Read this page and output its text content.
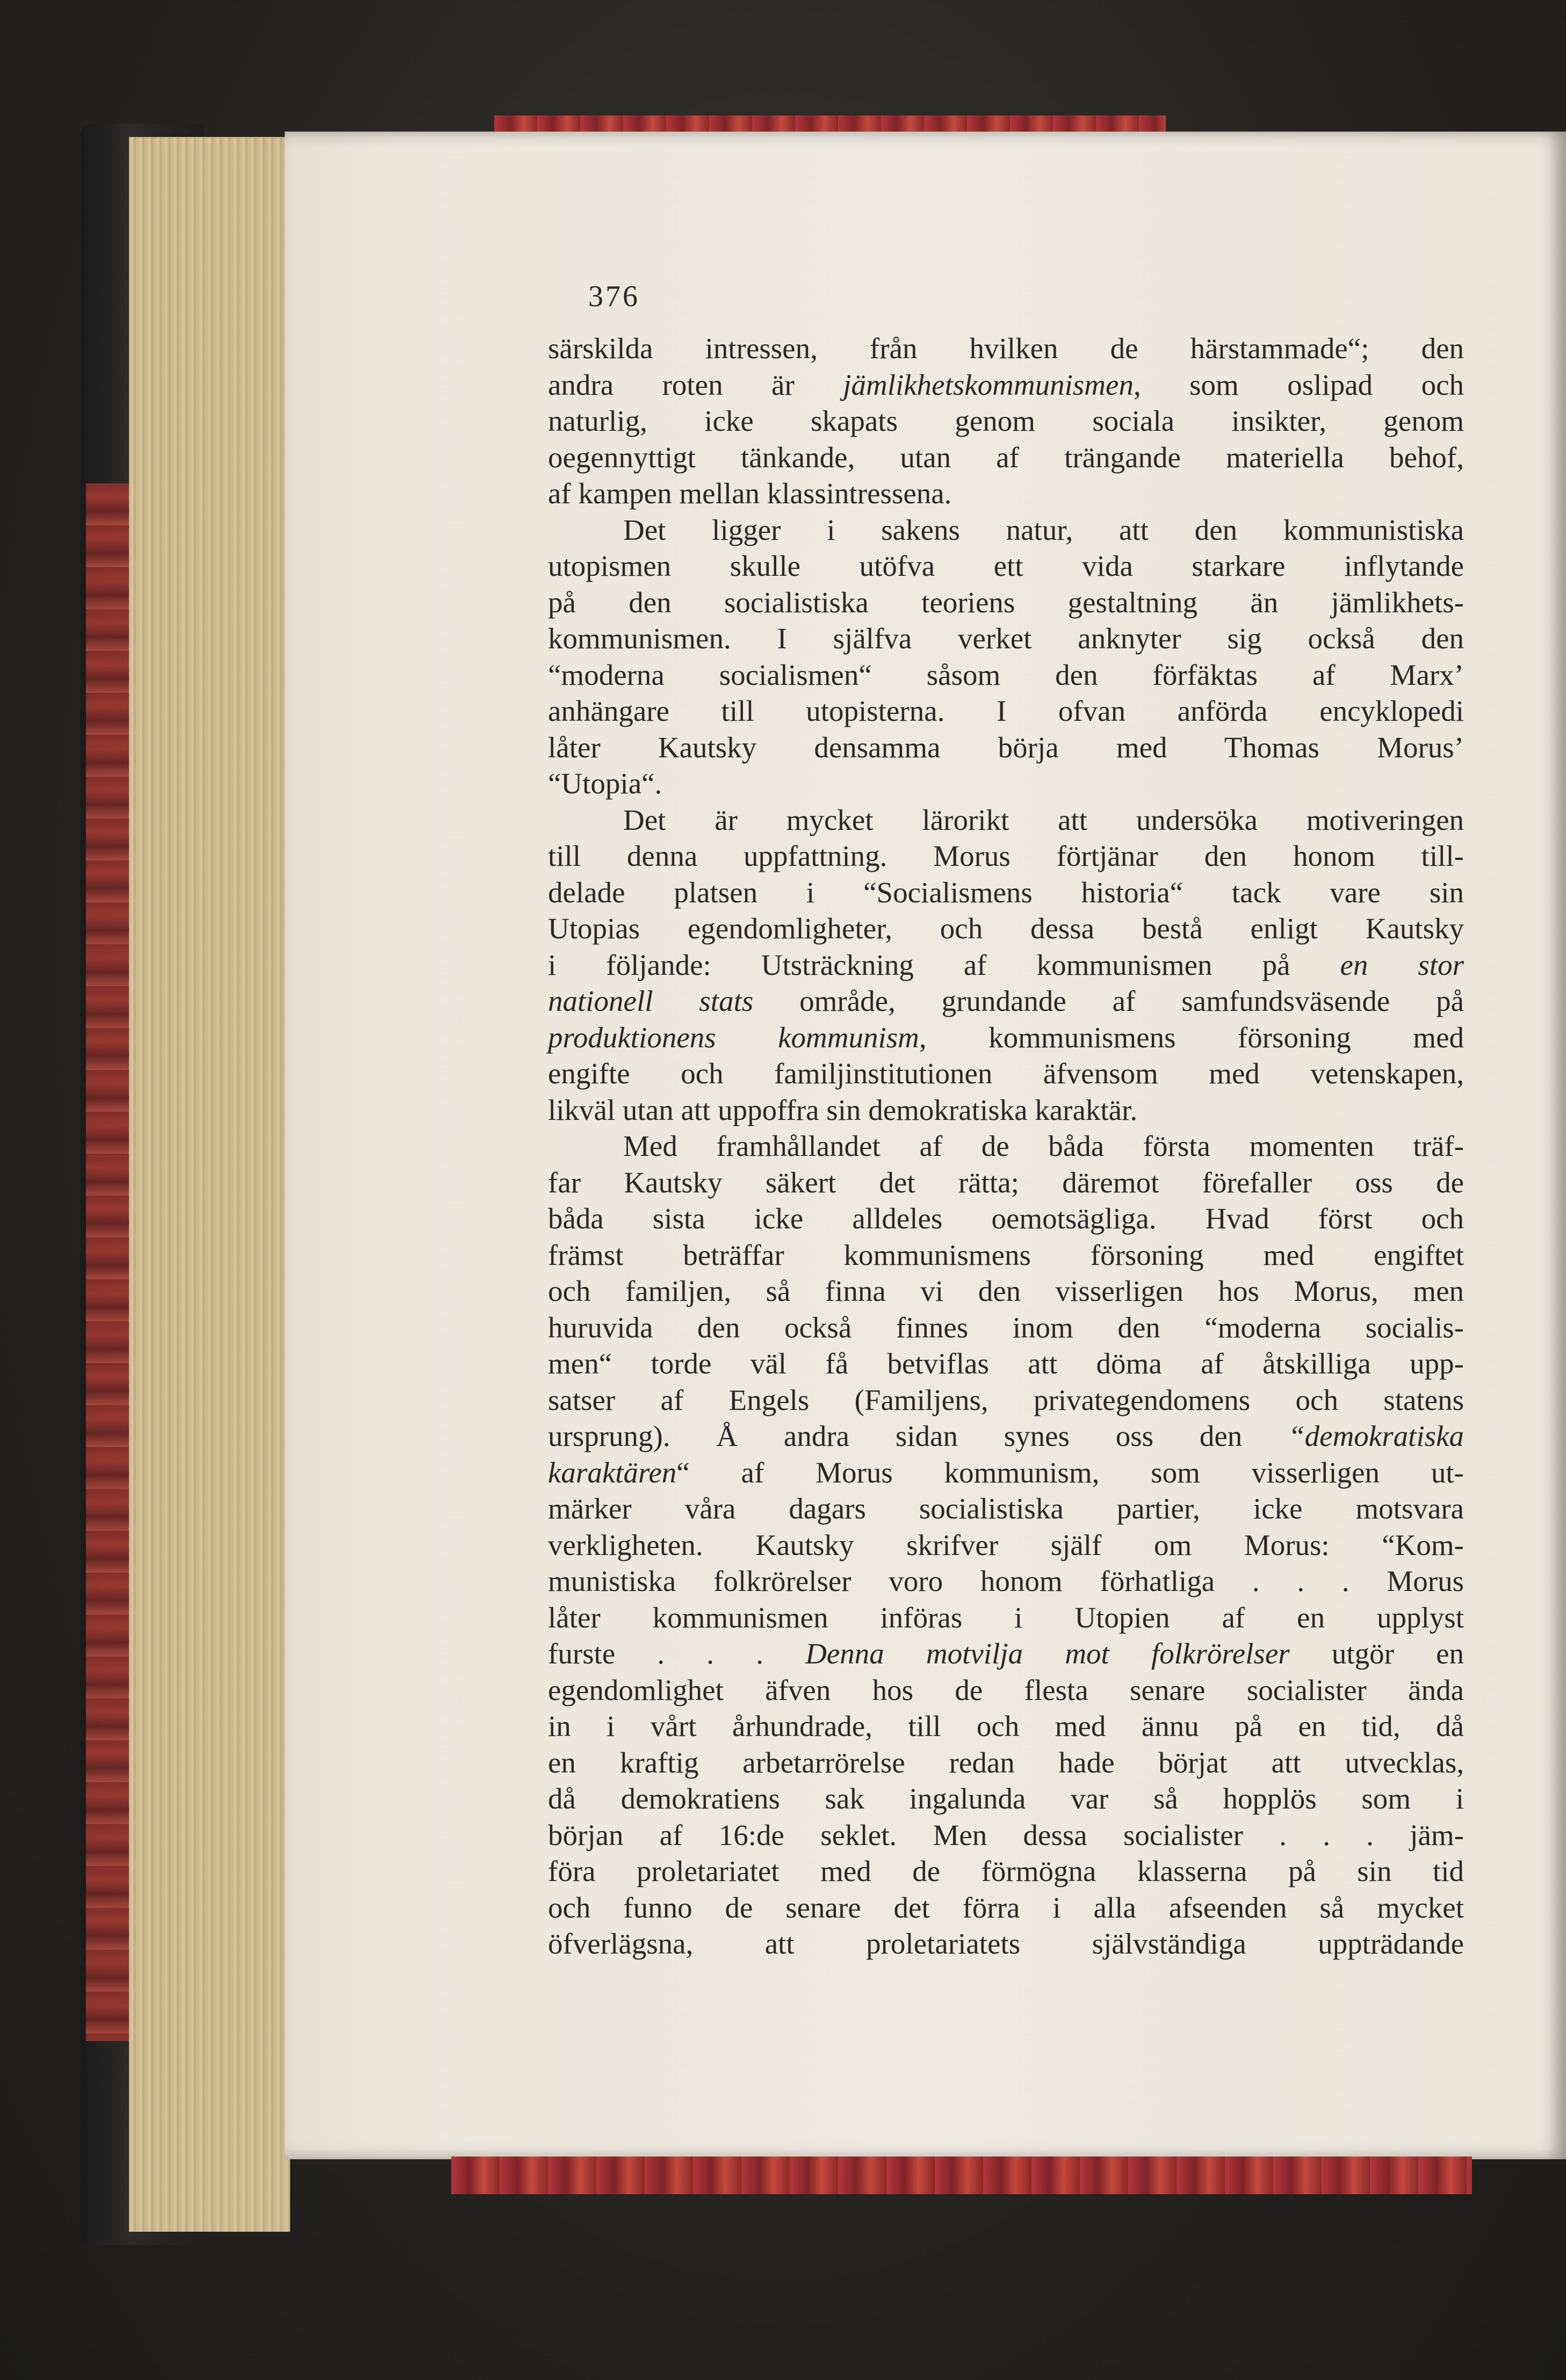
376
särskilda intressen, från hvilken de härstammade“; den
andra roten är jämlikhetskommunismen, som oslipad och
naturlig, icke skapats genom sociala insikter, genom
oegennyttigt tänkande, utan af trängande materiella behof,
af kampen mellan klassintressena.
Det ligger i sakens natur, att den kommunistiska
utopismen skulle utöfva ett vida starkare inflytande
på den socialistiska teoriens gestaltning än jämlikhets-
kommunismen. I själfva verket anknyter sig också den
“moderna socialismen“ såsom den förfäktas af Marx’
anhängare till utopisterna. I ofvan anförda encyklopedi
låter Kautsky densamma börja med Thomas Morus’
“Utopia“.
Det är mycket lärorikt att undersöka motiveringen
till denna uppfattning. Morus förtjänar den honom till-
delade platsen i “Socialismens historia“ tack vare sin
Utopias egendomligheter, och dessa bestå enligt Kautsky
i följande: Utsträckning af kommunismen på en stor
nationell stats område, grundande af samfundsväsende på
produktionens kommunism, kommunismens försoning med
engifte och familjinstitutionen äfvensom med vetenskapen,
likväl utan att uppoffra sin demokratiska karaktär.
Med framhållandet af de båda första momenten träf-
far Kautsky säkert det rätta; däremot förefaller oss de
båda sista icke alldeles oemotsägliga. Hvad först och
främst beträffar kommunismens försoning med engiftet
och familjen, så finna vi den visserligen hos Morus, men
huruvida den också finnes inom den “moderna socialis-
men“ torde väl få betviflas att döma af åtskilliga upp-
satser af Engels (Familjens, privategendomens och statens
ursprung). Å andra sidan synes oss den “demokratiska
karaktären“ af Morus kommunism, som visserligen ut-
märker våra dagars socialistiska partier, icke motsvara
verkligheten. Kautsky skrifver själf om Morus: “Kom-
munistiska folkrörelser voro honom förhatliga . . . Morus
låter kommunismen införas i Utopien af en upplyst
furste . . . Denna motvilja mot folkrörelser utgör en
egendomlighet äfven hos de flesta senare socialister ända
in i vårt århundrade, till och med ännu på en tid, då
en kraftig arbetarrörelse redan hade börjat att utvecklas,
då demokratiens sak ingalunda var så hopplös som i
början af 16:de seklet. Men dessa socialister . . . jäm-
föra proletariatet med de förmögna klasserna på sin tid
och funno de senare det förra i alla afseenden så mycket
öfverlägsna, att proletariatets självständiga uppträdande
